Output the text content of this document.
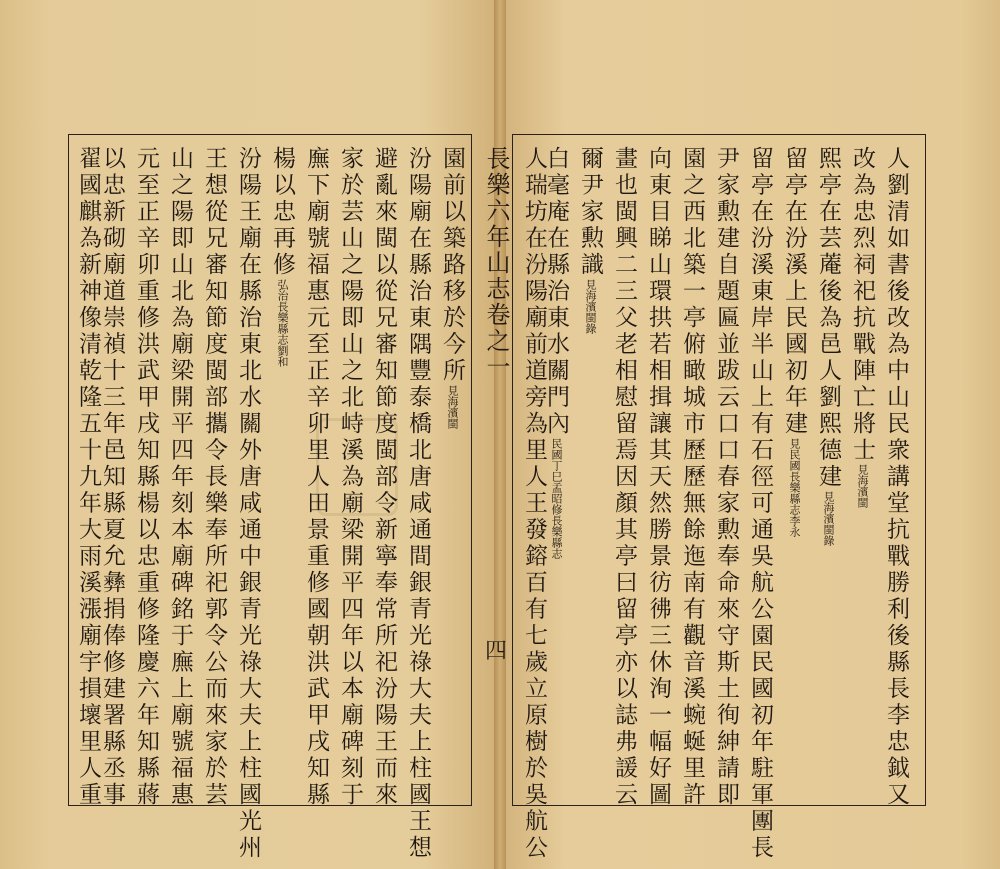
長樂六年山志卷之一
四	人劉清如書後改為中山民衆講堂抗戰勝利後縣長李忠鉞又
改為忠烈祠祀抗戰陣亡將士見海濱閩
熙亭在芸蓭後為邑人劉熙德建見海濱閩錄
留亭在汾溪上民國初年建見民國長樂縣志李永
留亭在汾溪東岸半山上有石徑可通吳航公園民國初年駐軍團長
尹家勲建自題匾並跋云口口春家勲奉命來守斯土徇紳請即
園之西北築一亭俯瞰城市歷歷無餘迤南有觀音溪蜿蜒里許
向東目睇山環拱若相揖讓其天然勝景彷彿三休洵一幅好圖
畫也閩興二三父老相慰留焉因顏其亭曰留亭亦以誌弗諼云
爾尹家勲識見海濱閩錄
白毫庵在縣治東水關門內民國丁巳孟昭修長樂縣志
人瑞坊在汾陽廟前道旁為里人王發鎔百有七歲立原樹於吳航公
園前以築路移於今所見海濱閩
汾陽廟在縣治東隅豐泰橋北唐咸通間銀青光祿大夫上柱國王想
避亂來閩以從兄審知節度閩部令新寧奉常所祀汾陽王而來
家於芸山之陽即山之北峙溪為廟梁開平四年以本廟碑刻于
廡下廟號福惠元至正辛卯里人田景重修國朝洪武甲戌知縣
楊以忠再修弘治長樂縣志劉和
汾陽王廟在縣治東北水關外唐咸通中銀青光祿大夫上柱國光州
王想從兄審知節度閩部攜令長樂奉所祀郭令公而來家於芸
山之陽即山北為廟梁開平四年刻本廟碑銘于廡上廟號福惠
元至正辛卯重修洪武甲戌知縣楊以忠重修隆慶六年知縣蔣
以忠新砌廟道崇禎十三年邑知縣夏允彝捐俸修建署縣丞事
翟國麒為新神像清乾隆五十九年大雨溪漲廟宇損壞里人重
